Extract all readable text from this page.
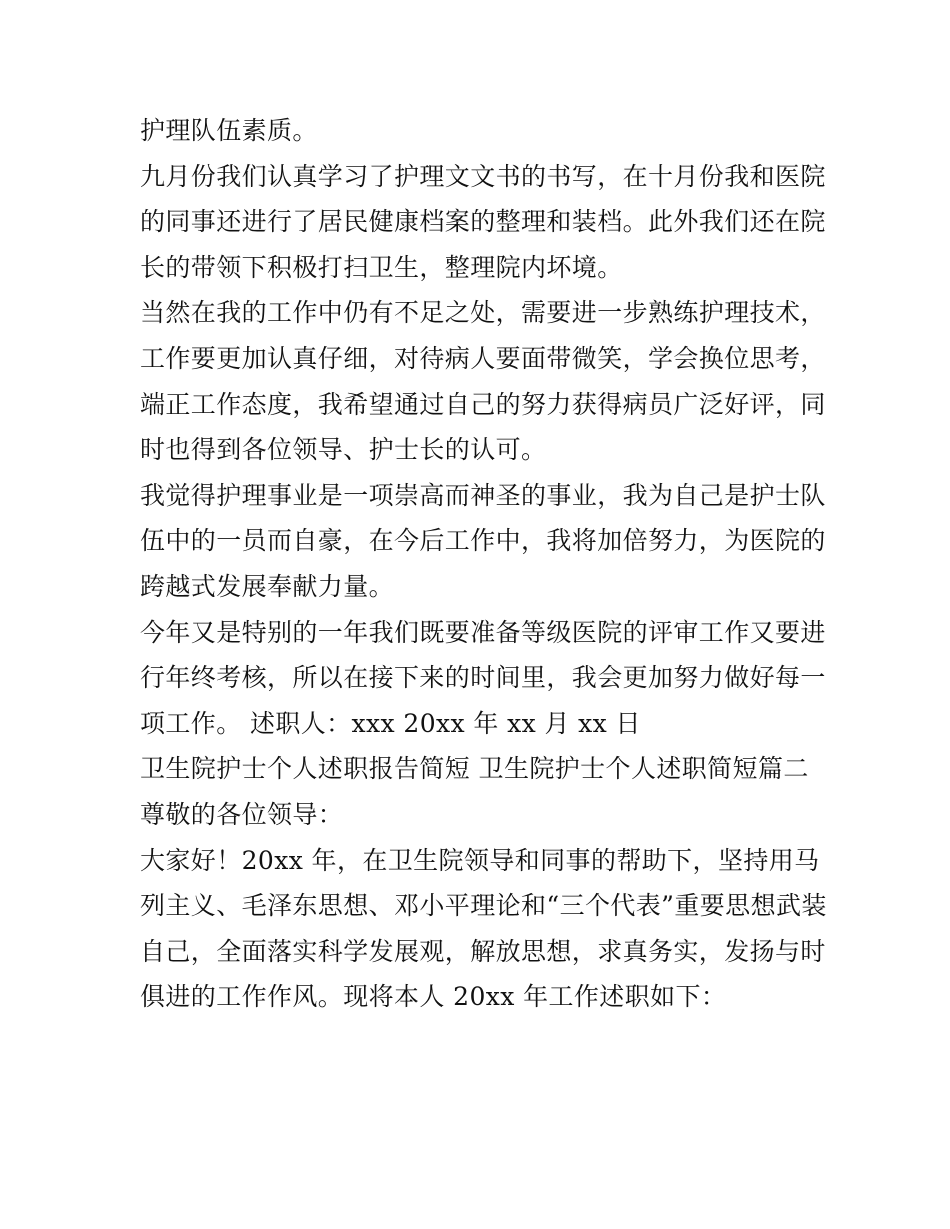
护理队伍素质。
九月份我们认真学习了护理文文书的书写，在十月份我和医院
的同事还进行了居民健康档案的整理和装档。此外我们还在院
长的带领下积极打扫卫生，整理院内坏境。
当然在我的工作中仍有不足之处，需要进一步熟练护理技术，
工作要更加认真仔细，对待病人要面带微笑，学会换位思考，
端正工作态度，我希望通过自己的努力获得病员广泛好评，同
时也得到各位领导、护士长的认可。
我觉得护理事业是一项崇高而神圣的事业，我为自己是护士队
伍中的一员而自豪，在今后工作中，我将加倍努力，为医院的
跨越式发展奉献力量。
今年又是特别的一年我们既要准备等级医院的评审工作又要进
行年终考核，所以在接下来的时间里，我会更加努力做好每一
项工作。 述职人：xxx 20xx 年 xx 月 xx 日
卫生院护士个人述职报告简短 卫生院护士个人述职简短篇二
尊敬的各位领导：
大家好！20xx 年，在卫生院领导和同事的帮助下，坚持用马
列主义、毛泽东思想、邓小平理论和“三个代表”重要思想武装
自己，全面落实科学发展观，解放思想，求真务实，发扬与时
俱进的工作作风。现将本人 20xx 年工作述职如下：
